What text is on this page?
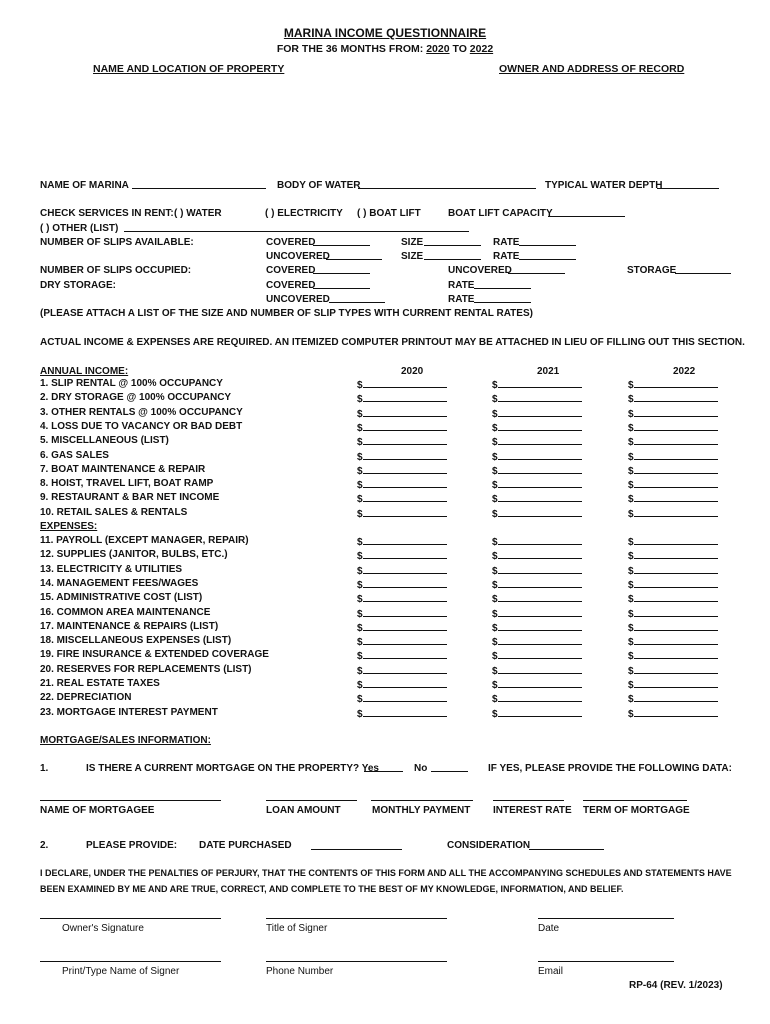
MARINA INCOME QUESTIONNAIRE
FOR THE 36 MONTHS FROM: 2020 TO 2022
NAME AND LOCATION OF PROPERTY	OWNER AND ADDRESS OF RECORD
NAME OF MARINA	BODY OF WATER	TYPICAL WATER DEPTH
CHECK SERVICES IN RENT: ( ) WATER	( ) ELECTRICITY ( ) BOAT LIFT	BOAT LIFT CAPACITY
( ) OTHER (LIST)
NUMBER OF SLIPS AVAILABLE:	COVERED	SIZE	RATE
UNCOVERED	SIZE	RATE
NUMBER OF SLIPS OCCUPIED:	COVERED	UNCOVERED	STORAGE
DRY STORAGE:	COVERED	RATE
UNCOVERED	RATE
(PLEASE ATTACH A LIST OF THE SIZE AND NUMBER OF SLIP TYPES WITH CURRENT RENTAL RATES)
ACTUAL INCOME & EXPENSES ARE REQUIRED. AN ITEMIZED COMPUTER PRINTOUT MAY BE ATTACHED IN LIEU OF FILLING OUT THIS SECTION.
ANNUAL INCOME:	2020	2021	2022
1. SLIP RENTAL @ 100% OCCUPANCY	$	$	$
2. DRY STORAGE @ 100% OCCUPANCY	$	$	$
3. OTHER RENTALS @ 100% OCCUPANCY	$	$	$
4. LOSS DUE TO VACANCY OR BAD DEBT	$	$	$
5. MISCELLANEOUS (LIST)	$	$	$
6. GAS SALES	$	$	$
7. BOAT MAINTENANCE & REPAIR	$	$	$
8. HOIST, TRAVEL LIFT, BOAT RAMP	$	$	$
9. RESTAURANT & BAR NET INCOME	$	$	$
10. RETAIL SALES & RENTALS	$	$	$
EXPENSES:
11. PAYROLL (EXCEPT MANAGER, REPAIR)	$	$	$
12. SUPPLIES (JANITOR, BULBS, ETC.)	$	$	$
13. ELECTRICITY & UTILITIES	$	$	$
14. MANAGEMENT FEES/WAGES	$	$	$
15. ADMINISTRATIVE COST (LIST)	$	$	$
16. COMMON AREA MAINTENANCE	$	$	$
17. MAINTENANCE & REPAIRS (LIST)	$	$	$
18. MISCELLANEOUS EXPENSES (LIST)	$	$	$
19. FIRE INSURANCE & EXTENDED COVERAGE	$	$	$
20. RESERVES FOR REPLACEMENTS (LIST)	$	$	$
21. REAL ESTATE TAXES	$	$	$
22. DEPRECIATION	$	$	$
23. MORTGAGE INTEREST PAYMENT	$	$	$
MORTGAGE/SALES INFORMATION:
1.	IS THERE A CURRENT MORTGAGE ON THE PROPERTY? Yes	No	IF YES, PLEASE PROVIDE THE FOLLOWING DATA:
NAME OF MORTGAGEE	LOAN AMOUNT	MONTHLY PAYMENT INTEREST RATE TERM OF MORTGAGE
2.	PLEASE PROVIDE: DATE PURCHASED	CONSIDERATION
I DECLARE, UNDER THE PENALTIES OF PERJURY, THAT THE CONTENTS OF THIS FORM AND ALL THE ACCOMPANYING SCHEDULES AND STATEMENTS HAVE BEEN EXAMINED BY ME AND ARE TRUE, CORRECT, AND COMPLETE TO THE BEST OF MY KNOWLEDGE, INFORMATION, AND BELIEF.
Owner's Signature	Title of Signer	Date
Print/Type Name of Signer	Phone Number	Email
RP-64 (REV. 1/2023)
